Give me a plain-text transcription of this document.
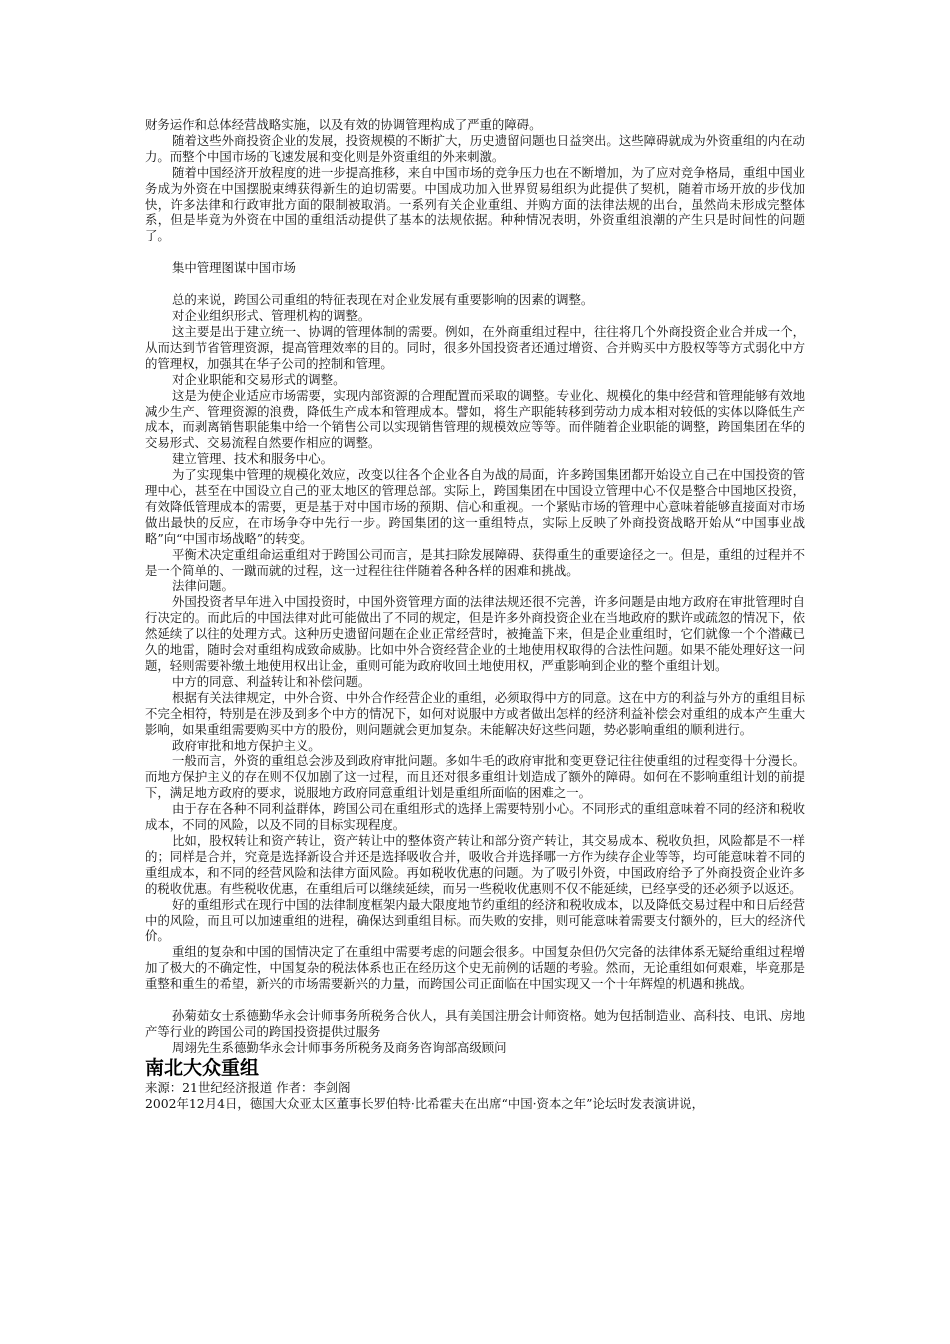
财务运作和总体经营战略实施，以及有效的协调管理构成了严重的障碍。

随着这些外商投资企业的发展，投资规模的不断扩大，历史遗留问题也日益突出。这些障碍就成为外资重组的内在动力。而整个中国市场的飞速发展和变化则是外资重组的外来刺激。

随着中国经济开放程度的进一步提高推移，来自中国市场的竞争压力也在不断增加，为了应对竞争格局，重组中国业务成为外资在中国摆脱束缚获得新生的迫切需要。中国成功加入世界贸易组织为此提供了契机，随着市场开放的步伐加快，许多法律和行政审批方面的限制被取消。一系列有关企业重组、并购方面的法律法规的出台，虽然尚未形成完整体系，但是毕竟为外资在中国的重组活动提供了基本的法规依据。种种情况表明，外资重组浪潮的产生只是时间性的问题了。

集中管理图谋中国市场

总的来说，跨国公司重组的特征表现在对企业发展有重要影响的因素的调整。

对企业组织形式、管理机构的调整。

这主要是出于建立统一、协调的管理体制的需要。例如，在外商重组过程中，往往将几个外商投资企业合并成一个，从而达到节省管理资源，提高管理效率的目的。同时，很多外国投资者还通过增资、合并购买中方股权等等方式弱化中方的管理权，加强其在华子公司的控制和管理。

对企业职能和交易形式的调整。

这是为使企业适应市场需要，实现内部资源的合理配置而采取的调整。专业化、规模化的集中经营和管理能够有效地减少生产、管理资源的浪费，降低生产成本和管理成本。譬如，将生产职能转移到劳动力成本相对较低的实体以降低生产成本，而剥离销售职能集中给一个销售公司以实现销售管理的规模效应等等。而伴随着企业职能的调整，跨国集团在华的交易形式、交易流程自然要作相应的调整。

建立管理、技术和服务中心。

为了实现集中管理的规模化效应，改变以往各个企业各自为战的局面，许多跨国集团都开始设立自己在中国投资的管理中心，甚至在中国设立自己的亚太地区的管理总部。实际上，跨国集团在中国设立管理中心不仅是整合中国地区投资，有效降低管理成本的需要，更是基于对中国市场的预期、信心和重视。一个紧贴市场的管理中心意味着能够直接面对市场做出最快的反应，在市场争夺中先行一步。跨国集团的这一重组特点，实际上反映了外商投资战略开始从“中国事业战略”向“中国市场战略”的转变。

平衡术决定重组命运重组对于跨国公司而言，是其扫除发展障碍、获得重生的重要途径之一。但是，重组的过程并不是一个简单的、一蹴而就的过程，这一过程往往伴随着各种各样的困难和挑战。

法律问题。

外国投资者早年进入中国投资时，中国外资管理方面的法律法规还很不完善，许多问题是由地方政府在审批管理时自行决定的。而此后的中国法律对此可能做出了不同的规定，但是许多外商投资企业在当地政府的默许或疏忽的情况下，依然延续了以往的处理方式。这种历史遗留问题在企业正常经营时，被掩盖下来，但是企业重组时，它们就像一个个潜藏已久的地雷，随时会对重组构成致命威胁。比如中外合资经营企业的土地使用权取得的合法性问题。如果不能处理好这一问题，轻则需要补缴土地使用权出让金，重则可能为政府收回土地使用权，严重影响到企业的整个重组计划。

中方的同意、利益转让和补偿问题。

根据有关法律规定，中外合资、中外合作经营企业的重组，必须取得中方的同意。这在中方的利益与外方的重组目标不完全相符，特别是在涉及到多个中方的情况下，如何对说服中方或者做出怎样的经济利益补偿会对重组的成本产生重大影响，如果重组需要购买中方的股份，则问题就会更加复杂。未能解决好这些问题，势必影响重组的顺利进行。

政府审批和地方保护主义。

一般而言，外资的重组总会涉及到政府审批问题。多如牛毛的政府审批和变更登记往往使重组的过程变得十分漫长。而地方保护主义的存在则不仅加剧了这一过程，而且还对很多重组计划造成了额外的障碍。如何在不影响重组计划的前提下，满足地方政府的要求，说服地方政府同意重组计划是重组所面临的困难之一。

由于存在各种不同利益群体，跨国公司在重组形式的选择上需要特别小心。不同形式的重组意味着不同的经济和税收成本，不同的风险，以及不同的目标实现程度。

比如，股权转让和资产转让，资产转让中的整体资产转让和部分资产转让，其交易成本、税收负担，风险都是不一样的；同样是合并，究竟是选择新设合并还是选择吸收合并，吸收合并选择哪一方作为续存企业等等，均可能意味着不同的重组成本，和不同的经营风险和法律方面风险。再如税收优惠的问题。为了吸引外资，中国政府给予了外商投资企业许多的税收优惠。有些税收优惠，在重组后可以继续延续，而另一些税收优惠则不仅不能延续，已经享受的还必须予以返还。

好的重组形式在现行中国的法律制度框架内最大限度地节约重组的经济和税收成本，以及降低交易过程中和日后经营中的风险，而且可以加速重组的进程，确保达到重组目标。而失败的安排，则可能意味着需要支付额外的，巨大的经济代价。

重组的复杂和中国的国情决定了在重组中需要考虑的问题会很多。中国复杂但仍欠完备的法律体系无疑给重组过程增加了极大的不确定性，中国复杂的税法体系也正在经历这个史无前例的话题的考验。然而，无论重组如何艰难，毕竟那是重整和重生的希望，新兴的市场需要新兴的力量，而跨国公司正面临在中国实现又一个十年辉煌的机遇和挑战。

孙菊茹女士系德勤华永会计师事务所税务合伙人，具有美国注册会计师资格。她为包括制造业、高科技、电讯、房地产等行业的跨国公司的跨国投资提供过服务

周翊先生系德勤华永会计师事务所税务及商务咨询部高级顾问

南北大众重组

来源：21世纪经济报道 作者：李剑阁

2002年12月4日，德国大众亚太区董事长罗伯特·比希霍夫在出席“中国·资本之年”论坛时发表演讲说，
